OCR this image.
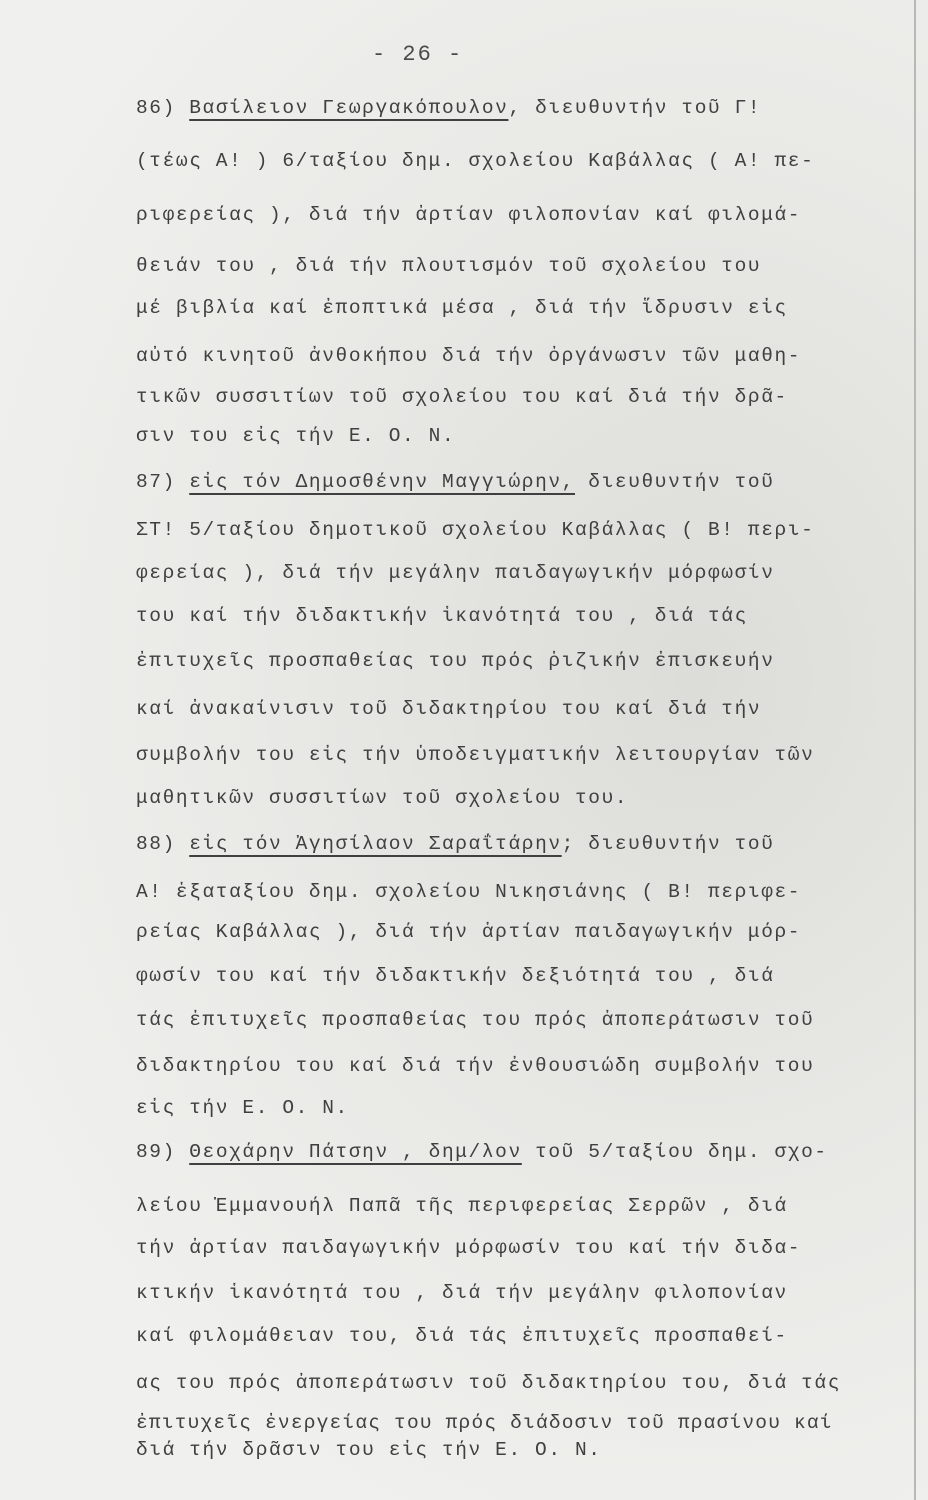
- 26 -
86) Βασίλειον Γεωργακόπουλον, διευθυντήν τοῦ Γ!
(τέως Α! ) 6/ταξίου δημ. σχολείου Καβάλλας ( Α! πε-
ριφερείας ), διά τήν ἀρτίαν φιλοπονίαν καί φιλομά-
θειάν του , διά τήν πλουτισμόν τοῦ σχολείου του
μέ βιβλία καί ἐποπτικά μέσα , διά τήν ἵδρυσιν εἰς
αὐτό κινητοῦ ἀνθοκήπου διά τήν ὀργάνωσιν τῶν μαθη-
τικῶν συσσιτίων τοῦ σχολείου του καί διά τήν δρᾶ-
σιν του εἰς τήν Ε. Ο. Ν.
87) εἰς τόν Δημοσθένην Μαγγιώρην, διευθυντήν τοῦ
ΣΤ! 5/ταξίου δημοτικοῦ σχολείου Καβάλλας ( Β! περι-
φερείας ), διά τήν μεγάλην παιδαγωγικήν μόρφωσίν
του καί τήν διδακτικήν ἱκανότητά του , διά τάς
ἐπιτυχεῖς προσπαθείας του πρός ῥιζικήν ἐπισκευήν
καί ἀνακαίνισιν τοῦ διδακτηρίου του καί διά τήν
συμβολήν του εἰς τήν ὑποδειγματικήν λειτουργίαν τῶν
μαθητικῶν συσσιτίων τοῦ σχολείου του.
88) εἰς τόν Ἀγησίλαον Σαραΐτάρην; διευθυντήν τοῦ
Α! ἑξαταξίου δημ. σχολείου Νικησιάνης ( Β! περιφε-
ρείας Καβάλλας ), διά τήν ἀρτίαν παιδαγωγικήν μόρ-
φωσίν του καί τήν διδακτικήν δεξιότητά του , διά
τάς ἐπιτυχεῖς προσπαθείας του πρός ἀποπεράτωσιν τοῦ
διδακτηρίου του καί διά τήν ἐνθουσιώδη συμβολήν του
εἰς τήν Ε. Ο. Ν.
89) Θεοχάρην Πάτσην , δημ/λον τοῦ 5/ταξίου δημ. σχο-
λείου Ἐμμανουήλ Παπᾶ τῆς περιφερείας Σερρῶν , διά
τήν ἀρτίαν παιδαγωγικήν μόρφωσίν του καί τήν διδα-
κτικήν ἱκανότητά του , διά τήν μεγάλην φιλοπονίαν
καί φιλομάθειαν του, διά τάς ἐπιτυχεῖς προσπαθεί-
ας του πρός ἀποπεράτωσιν τοῦ διδακτηρίου του, διά τάς
ἐπιτυχεῖς ἐνεργείας του πρός διάδοσιν τοῦ πρασίνου καί
διά τήν δρᾶσιν του εἰς τήν Ε. Ο. Ν.
